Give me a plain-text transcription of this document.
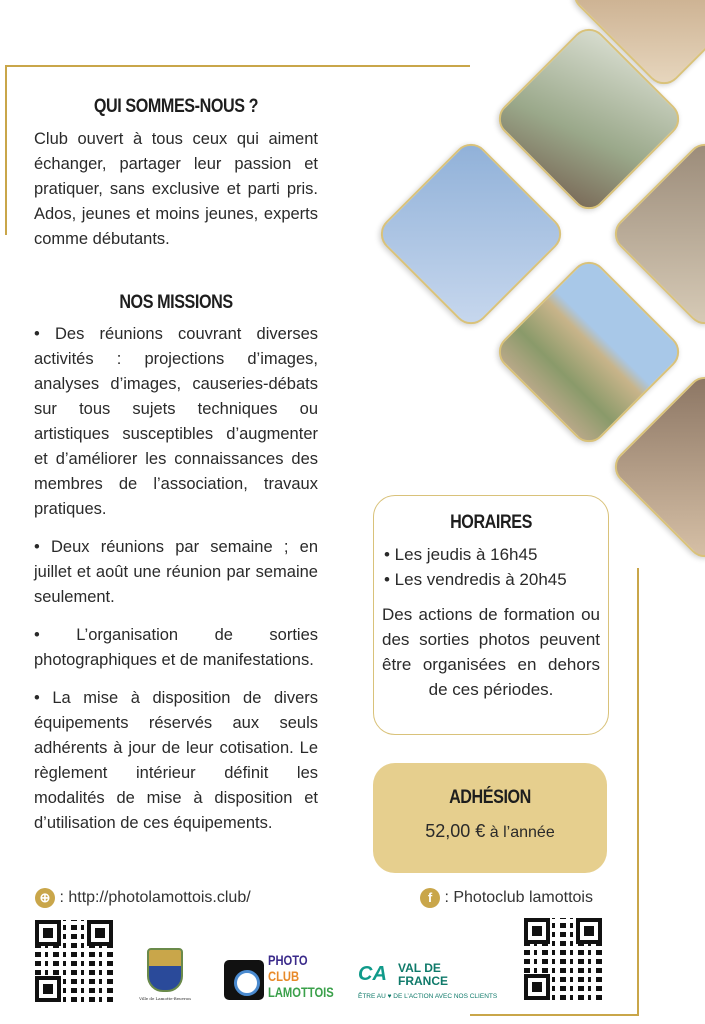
QUI SOMMES-NOUS ?

Club ouvert à tous ceux qui aiment échanger, partager leur passion et pratiquer, sans exclusive et parti pris. Ados, jeunes et moins jeunes, experts comme débutants.

NOS MISSIONS

• Des réunions couvrant diverses activités : projections d’images, analyses d’images, causeries-débats sur tous sujets techniques ou artistiques susceptibles d’augmenter et d’améliorer les connaissances des membres de l’association, travaux pratiques.

• Deux réunions par semaine ; en juillet et août une réunion par semaine seulement.

• L’organisation de sorties photographiques et de manifestations.

• La mise à disposition de divers équipements réservés aux seuls adhérents à jour de leur cotisation. Le règlement intérieur définit les modalités de mise à disposition et d’utilisation de ces équipements.

HORAIRES
• Les jeudis à 16h45
• Les vendredis à 20h45
Des actions de formation ou des sorties photos peuvent être organisées en dehors de ces périodes.
ADHÉSION
52,00 € à l’année
⊕ : http://photolamottois.club/	f : Photoclub lamottois
Ville de Lamotte-Beuvron
PHOTO
CLUB
LAMOTTOIS
CA VAL DE
FRANCE
ÊTRE AU ♥ DE L’ACTION AVEC NOS CLIENTS
